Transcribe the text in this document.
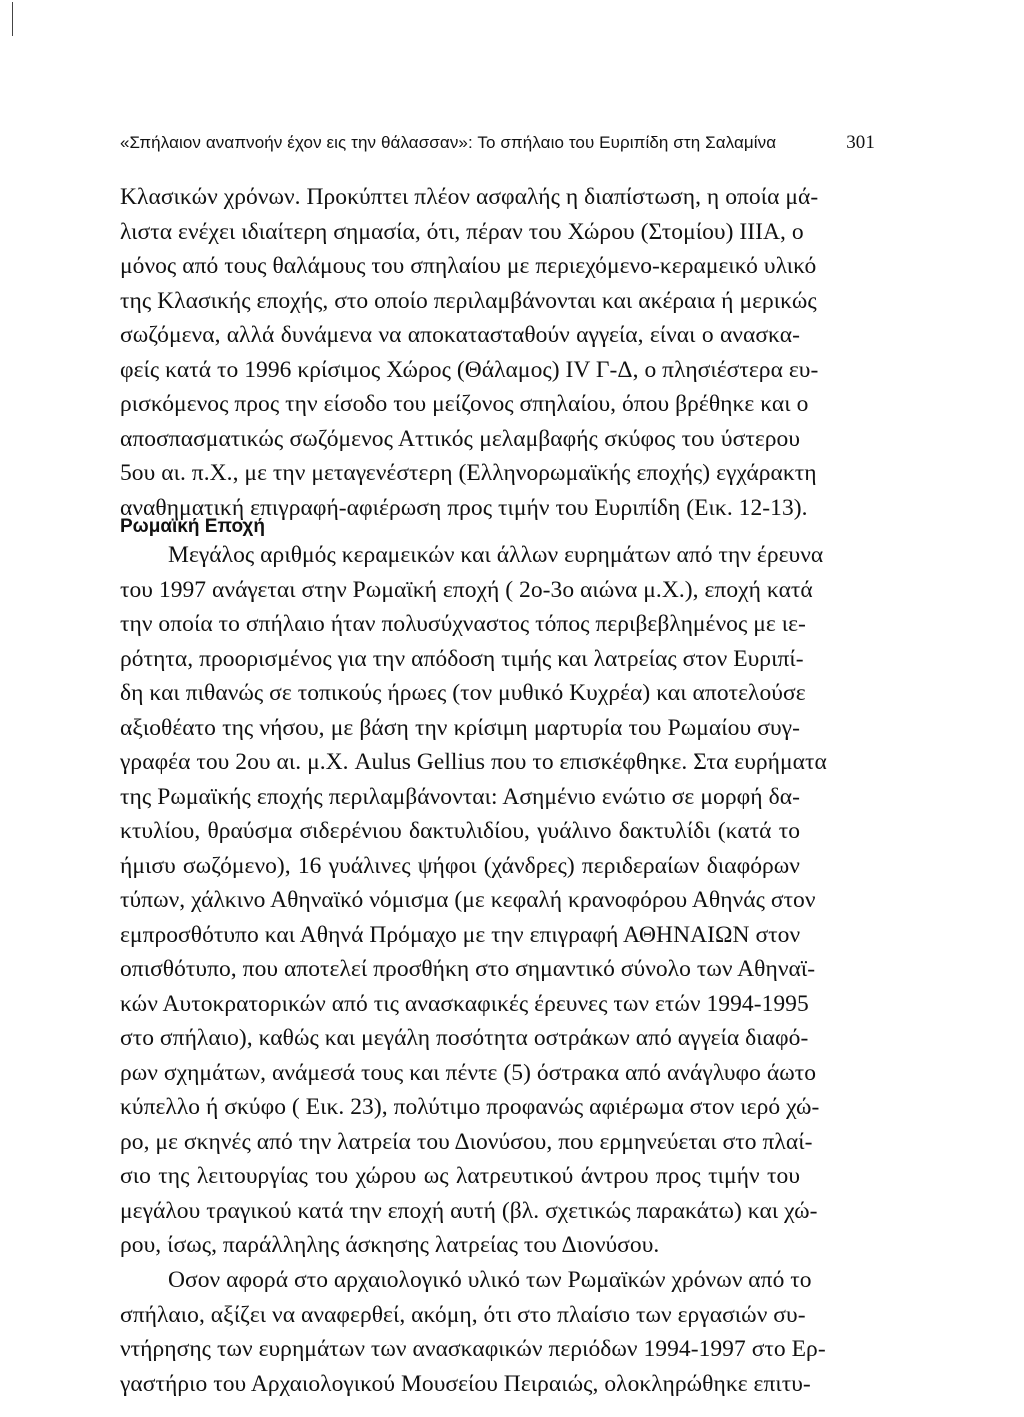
«Σπήλαιον αναπνοήν έχον εις την θάλασσαν»: Το σπήλαιο του Ευριπίδη στη Σαλαμίνα	301
Κλασικών χρόνων. Προκύπτει πλέον ασφαλής η διαπίστωση, η οποία μά-
λιστα ενέχει ιδιαίτερη σημασία, ότι, πέραν του Χώρου (Στομίου) ΙΙΙΑ, ο
μόνος από τους θαλάμους του σπηλαίου με περιεχόμενο-κεραμεικό υλικό
της Κλασικής εποχής, στο οποίο περιλαμβάνονται και ακέραια ή μερικώς
σωζόμενα, αλλά δυνάμενα να αποκατασταθούν αγγεία, είναι ο ανασκα-
φείς κατά το 1996 κρίσιμος Χώρος (Θάλαμος) IV Γ-Δ, ο πλησιέστερα ευ-
ρισκόμενος προς την είσοδο του μείζονος σπηλαίου, όπου βρέθηκε και ο
αποσπασματικώς σωζόμενος Αττικός μελαμβαφής σκύφος του ύστερου
5ου αι. π.Χ., με την μεταγενέστερη (Ελληνορωμαϊκής εποχής) εγχάρακτη
αναθηματική επιγραφή-αφιέρωση προς τιμήν του Ευριπίδη (Εικ. 12-13).
Ρωμαϊκή Εποχή
Μεγάλος αριθμός κεραμεικών και άλλων ευρημάτων από την έρευνα
του 1997 ανάγεται στην Ρωμαϊκή εποχή ( 2ο-3ο αιώνα μ.Χ.), εποχή κατά
την οποία το σπήλαιο ήταν πολυσύχναστος τόπος περιβεβλημένος με ιε-
ρότητα, προορισμένος για την απόδοση τιμής και λατρείας στον Ευριπί-
δη και πιθανώς σε τοπικούς ήρωες (τον μυθικό Κυχρέα) και αποτελούσε
αξιοθέατο της νήσου, με βάση την κρίσιμη μαρτυρία του Ρωμαίου συγ-
γραφέα του 2ου αι. μ.Χ. Aulus Gellius που το επισκέφθηκε. Στα ευρήματα
της Ρωμαϊκής εποχής περιλαμβάνονται: Ασημένιο ενώτιο σε μορφή δα-
κτυλίου, θραύσμα σιδερένιου δακτυλιδίου, γυάλινο δακτυλίδι (κατά το
ήμισυ σωζόμενο), 16 γυάλινες ψήφοι (χάνδρες) περιδεραίων διαφόρων
τύπων, χάλκινο Αθηναϊκό νόμισμα (με κεφαλή κρανοφόρου Αθηνάς στον
εμπροσθότυπο και Αθηνά Πρόμαχο με την επιγραφή ΑΘΗΝΑΙΩΝ στον
οπισθότυπο, που αποτελεί προσθήκη στο σημαντικό σύνολο των Αθηναϊ-
κών Αυτοκρατορικών από τις ανασκαφικές έρευνες των ετών 1994-1995
στο σπήλαιο), καθώς και μεγάλη ποσότητα οστράκων από αγγεία διαφό-
ρων σχημάτων, ανάμεσά τους και πέντε (5) όστρακα από ανάγλυφο άωτο
κύπελλο ή σκύφο ( Εικ. 23), πολύτιμο προφανώς αφιέρωμα στον ιερό χώ-
ρο, με σκηνές από την λατρεία του Διονύσου, που ερμηνεύεται στο πλαί-
σιο της λειτουργίας του χώρου ως λατρευτικού άντρου προς τιμήν του
μεγάλου τραγικού κατά την εποχή αυτή (βλ. σχετικώς παρακάτω) και χώ-
ρου, ίσως, παράλληλης άσκησης λατρείας του Διονύσου.
Οσον αφορά στο αρχαιολογικό υλικό των Ρωμαϊκών χρόνων από το
σπήλαιο, αξίζει να αναφερθεί, ακόμη, ότι στο πλαίσιο των εργασιών συ-
ντήρησης των ευρημάτων των ανασκαφικών περιόδων 1994-1997 στο Ερ-
γαστήριο του Αρχαιολογικού Μουσείου Πειραιώς, ολοκληρώθηκε επιτυ-
